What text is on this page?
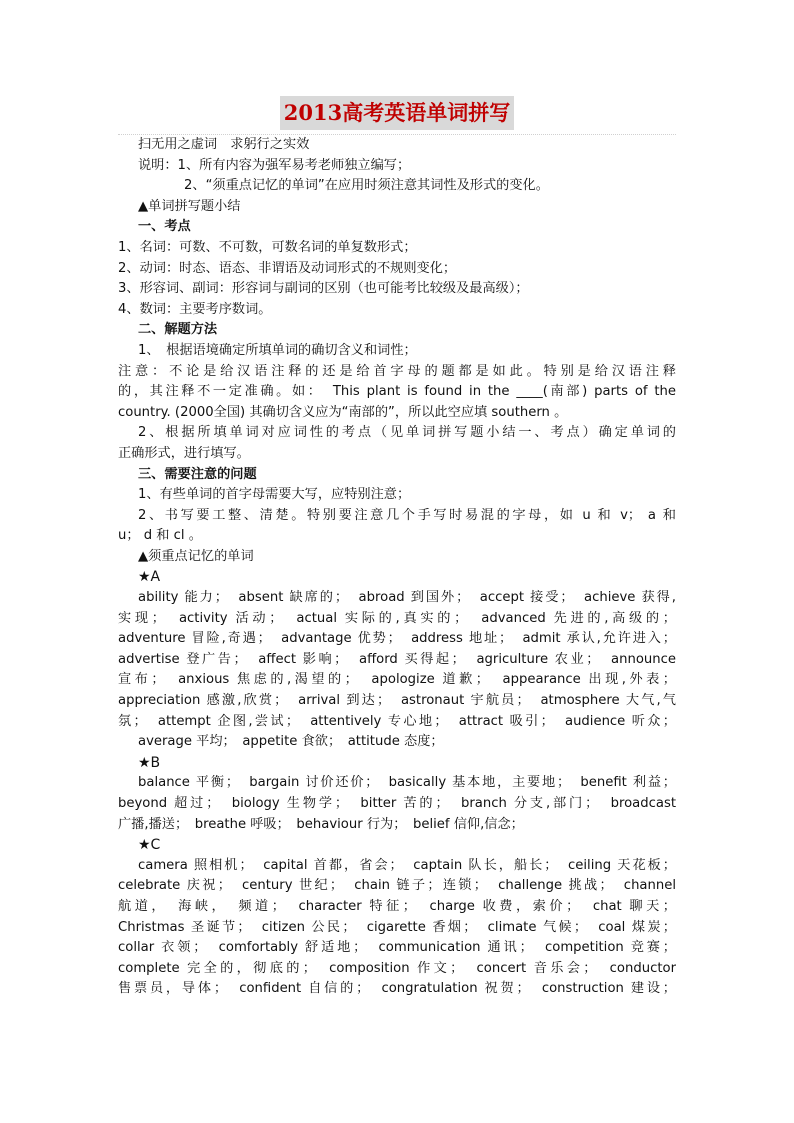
2013高考英语单词拼写
扫无用之虚词　求躬行之实效
说明：1、所有内容为强军易考老师独立编写；
2、“须重点记忆的单词”在应用时须注意其词性及形式的变化。
▲单词拼写题小结
一、考点
1、名词：可数、不可数，可数名词的单复数形式；
2、动词：时态、语态、非谓语及动词形式的不规则变化；
3、形容词、副词：形容词与副词的区别（也可能考比较级及最高级）；
4、数词：主要考序数词。
二、解题方法
1、　根据语境确定所填单词的确切含义和词性；
注意：不论是给汉语注释的还是给首字母的题都是如此。特别是给汉语注释
的，其注释不一定准确。如：　This plant is found in the ____(南部) parts of the
country. (2000全国) 其确切含义应为“南部的”，所以此空应填 southern 。
2、根据所填单词对应词性的考点（见单词拼写题小结一、考点）确定单词的
正确形式，进行填写。
三、需要注意的问题
1、有些单词的首字母需要大写，应特别注意；
2、书写要工整、清楚。特别要注意几个手写时易混的字母，如 u 和 v； a 和
u； d 和 cl 。
▲须重点记忆的单词
★A
ability 能力；　absent 缺席的；　abroad 到国外；　accept 接受；　achieve 获得,
实现；　activity 活动；　actual 实际的,真实的；　advanced 先进的,高级的；
adventure 冒险,奇遇；　advantage 优势；　address 地址；　admit 承认,允许进入；
advertise 登广告；　affect 影响；　afford 买得起；　agriculture 农业；　announce
宣布；　anxious 焦虑的,渴望的；　apologize 道歉；　appearance 出现,外表；
appreciation 感激,欣赏；　arrival 到达；　astronaut 宇航员；　atmosphere 大气,气
氛；　attempt 企图,尝试；　attentively 专心地；　attract 吸引；　audience 听众；
average 平均；　appetite 食欲；　attitude 态度；
★B
balance 平衡；　bargain 讨价还价；　basically 基本地，主要地；　benefit 利益；
beyond 超过；　biology 生物学；　bitter 苦的；　branch 分支,部门；　broadcast
广播,播送；　breathe 呼吸；　behaviour 行为；　belief 信仰,信念；
★C
camera 照相机；　capital 首都，省会；　captain 队长，船长；　ceiling 天花板；
celebrate 庆祝；　century 世纪；　chain 链子；连锁；　challenge 挑战；　channel
航道，　海峡，　频道；　character 特征；　charge 收费，索价；　chat 聊天；
Christmas 圣诞节；　citizen 公民；　cigarette 香烟；　climate 气候；　coal 煤炭；
collar 衣领；　comfortably 舒适地；　communication 通讯；　competition 竞赛；
complete 完全的，彻底的；　composition 作文；　concert 音乐会；　conductor
售票员，导体；　confident 自信的；　congratulation 祝贺；　construction 建设；
